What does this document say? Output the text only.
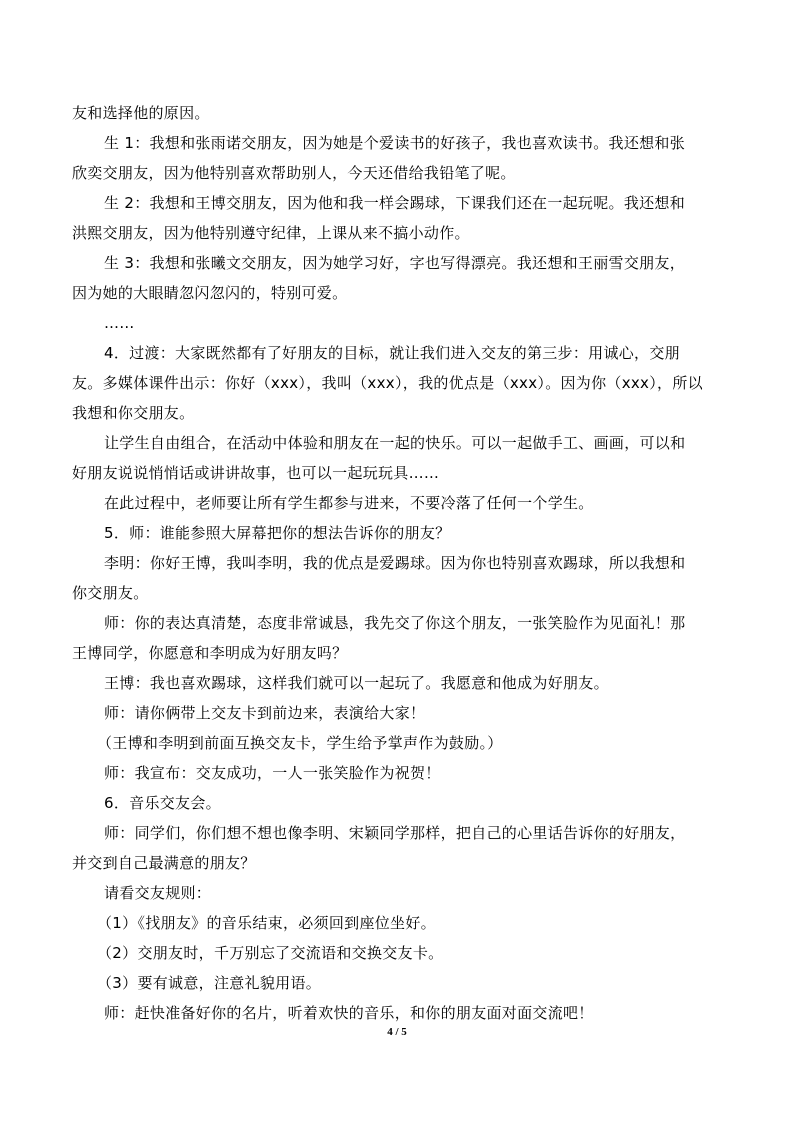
友和选择他的原因。
生 1：我想和张雨诺交朋友，因为她是个爱读书的好孩子，我也喜欢读书。我还想和张
欣奕交朋友，因为他特别喜欢帮助别人，今天还借给我铅笔了呢。
生 2：我想和王博交朋友，因为他和我一样会踢球，下课我们还在一起玩呢。我还想和
洪熙交朋友，因为他特别遵守纪律，上课从来不搞小动作。
生 3：我想和张曦文交朋友，因为她学习好，字也写得漂亮。我还想和王丽雪交朋友，
因为她的大眼睛忽闪忽闪的，特别可爱。
……
4．过渡：大家既然都有了好朋友的目标，就让我们进入交友的第三步：用诚心，交朋
友。多媒体课件出示：你好（xxx），我叫（xxx），我的优点是（xxx）。因为你（xxx），所以
我想和你交朋友。
让学生自由组合，在活动中体验和朋友在一起的快乐。可以一起做手工、画画，可以和
好朋友说说悄悄话或讲讲故事，也可以一起玩玩具……
在此过程中，老师要让所有学生都参与进来，不要冷落了任何一个学生。
5．师：谁能参照大屏幕把你的想法告诉你的朋友？
李明：你好王博，我叫李明，我的优点是爱踢球。因为你也特别喜欢踢球，所以我想和
你交朋友。
师：你的表达真清楚，态度非常诚恳，我先交了你这个朋友，一张笑脸作为见面礼！那
王博同学，你愿意和李明成为好朋友吗？
王博：我也喜欢踢球，这样我们就可以一起玩了。我愿意和他成为好朋友。
师：请你俩带上交友卡到前边来，表演给大家！
（王博和李明到前面互换交友卡，学生给予掌声作为鼓励。）
师：我宣布：交友成功，一人一张笑脸作为祝贺！
6．音乐交友会。
师：同学们，你们想不想也像李明、宋颖同学那样，把自己的心里话告诉你的好朋友，
并交到自己最满意的朋友？
请看交友规则：
（1）《找朋友》的音乐结束，必须回到座位坐好。
（2）交朋友时，千万别忘了交流语和交换交友卡。
（3）要有诚意，注意礼貌用语。
师：赶快准备好你的名片，听着欢快的音乐，和你的朋友面对面交流吧！
4 / 5
